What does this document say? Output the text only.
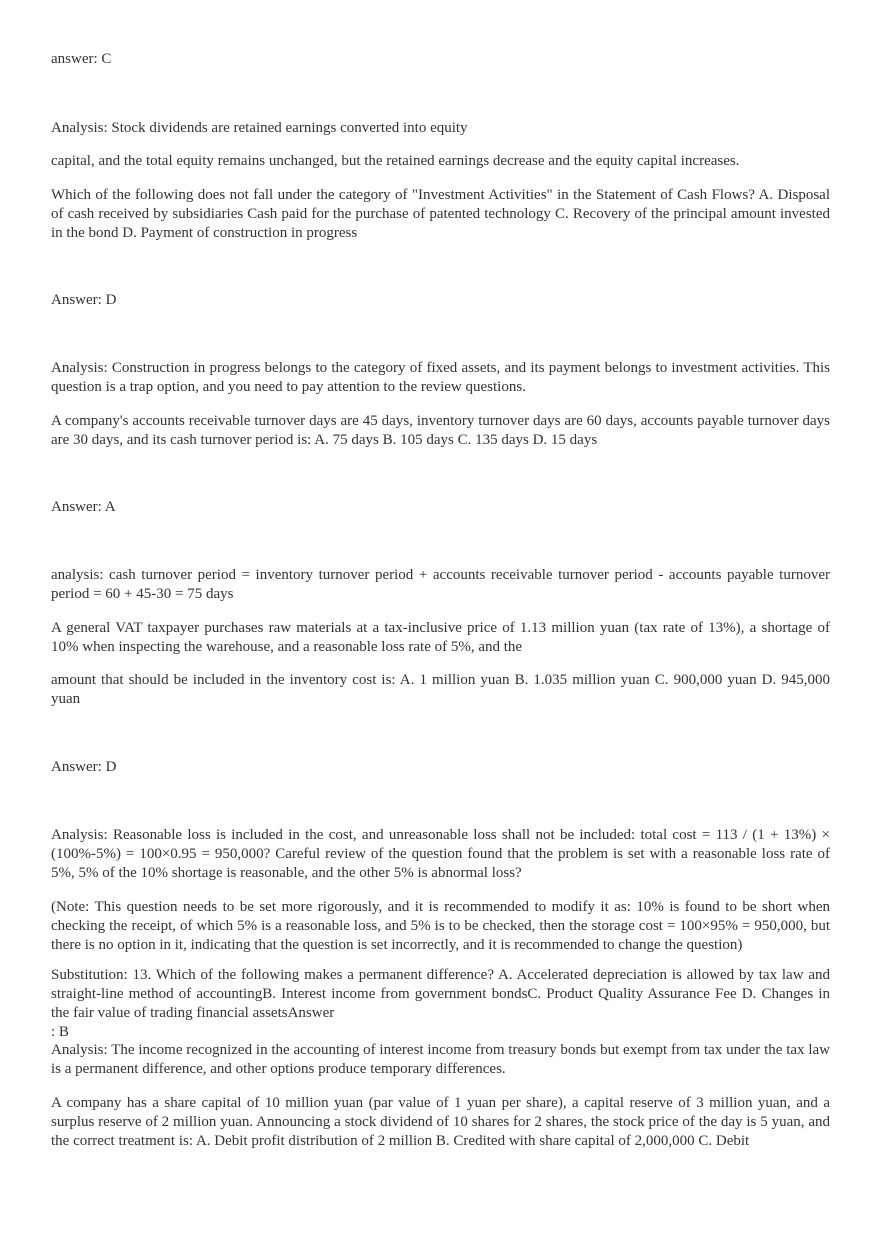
answer: C

Analysis: Stock dividends are retained earnings converted into equity

capital, and the total equity remains unchanged, but the retained earnings decrease and the equity capital increases.

Which of the following does not fall under the category of "Investment Activities" in the Statement of Cash Flows? A. Disposal of cash received by subsidiaries Cash paid for the purchase of patented technology C. Recovery of the principal amount invested in the bond D. Payment of construction in progress

Answer: D

Analysis: Construction in progress belongs to the category of fixed assets, and its payment belongs to investment activities. This question is a trap option, and you need to pay attention to the review questions.

A company's accounts receivable turnover days are 45 days, inventory turnover days are 60 days, accounts payable turnover days are 30 days, and its cash turnover period is: A. 75 days B. 105 days C. 135 days D. 15 days

Answer: A

analysis: cash turnover period = inventory turnover period + accounts receivable turnover period - accounts payable turnover period = 60 + 45-30 = 75 days

A general VAT taxpayer purchases raw materials at a tax-inclusive price of 1.13 million yuan (tax rate of 13%), a shortage of 10% when inspecting the warehouse, and a reasonable loss rate of 5%, and the

amount that should be included in the inventory cost is: A. 1 million yuan B. 1.035 million yuan C. 900,000 yuan D. 945,000 yuan

Answer: D

Analysis: Reasonable loss is included in the cost, and unreasonable loss shall not be included: total cost = 113 / (1 + 13%) × (100%-5%) = 100×0.95 = 950,000? Careful review of the question found that the problem is set with a reasonable loss rate of 5%, 5% of the 10% shortage is reasonable, and the other 5% is abnormal loss?

(Note: This question needs to be set more rigorously, and it is recommended to modify it as: 10% is found to be short when checking the receipt, of which 5% is a reasonable loss, and 5% is to be checked, then the storage cost = 100×95% = 950,000, but there is no option in it, indicating that the question is set incorrectly, and it is recommended to change the question)

Substitution: 13. Which of the following makes a permanent difference? A. Accelerated depreciation is allowed by tax law and straight-line method of accountingB. Interest income from government bondsC. Product Quality Assurance Fee D. Changes in the fair value of trading financial assetsAnswer
: B

Analysis: The income recognized in the accounting of interest income from treasury bonds but exempt from tax under the tax law is a permanent difference, and other options produce temporary differences.

A company has a share capital of 10 million yuan (par value of 1 yuan per share), a capital reserve of 3 million yuan, and a surplus reserve of 2 million yuan. Announcing a stock dividend of 10 shares for 2 shares, the stock price of the day is 5 yuan, and the correct treatment is: A. Debit profit distribution of 2 million B. Credited with share capital of 2,000,000 C. Debit
